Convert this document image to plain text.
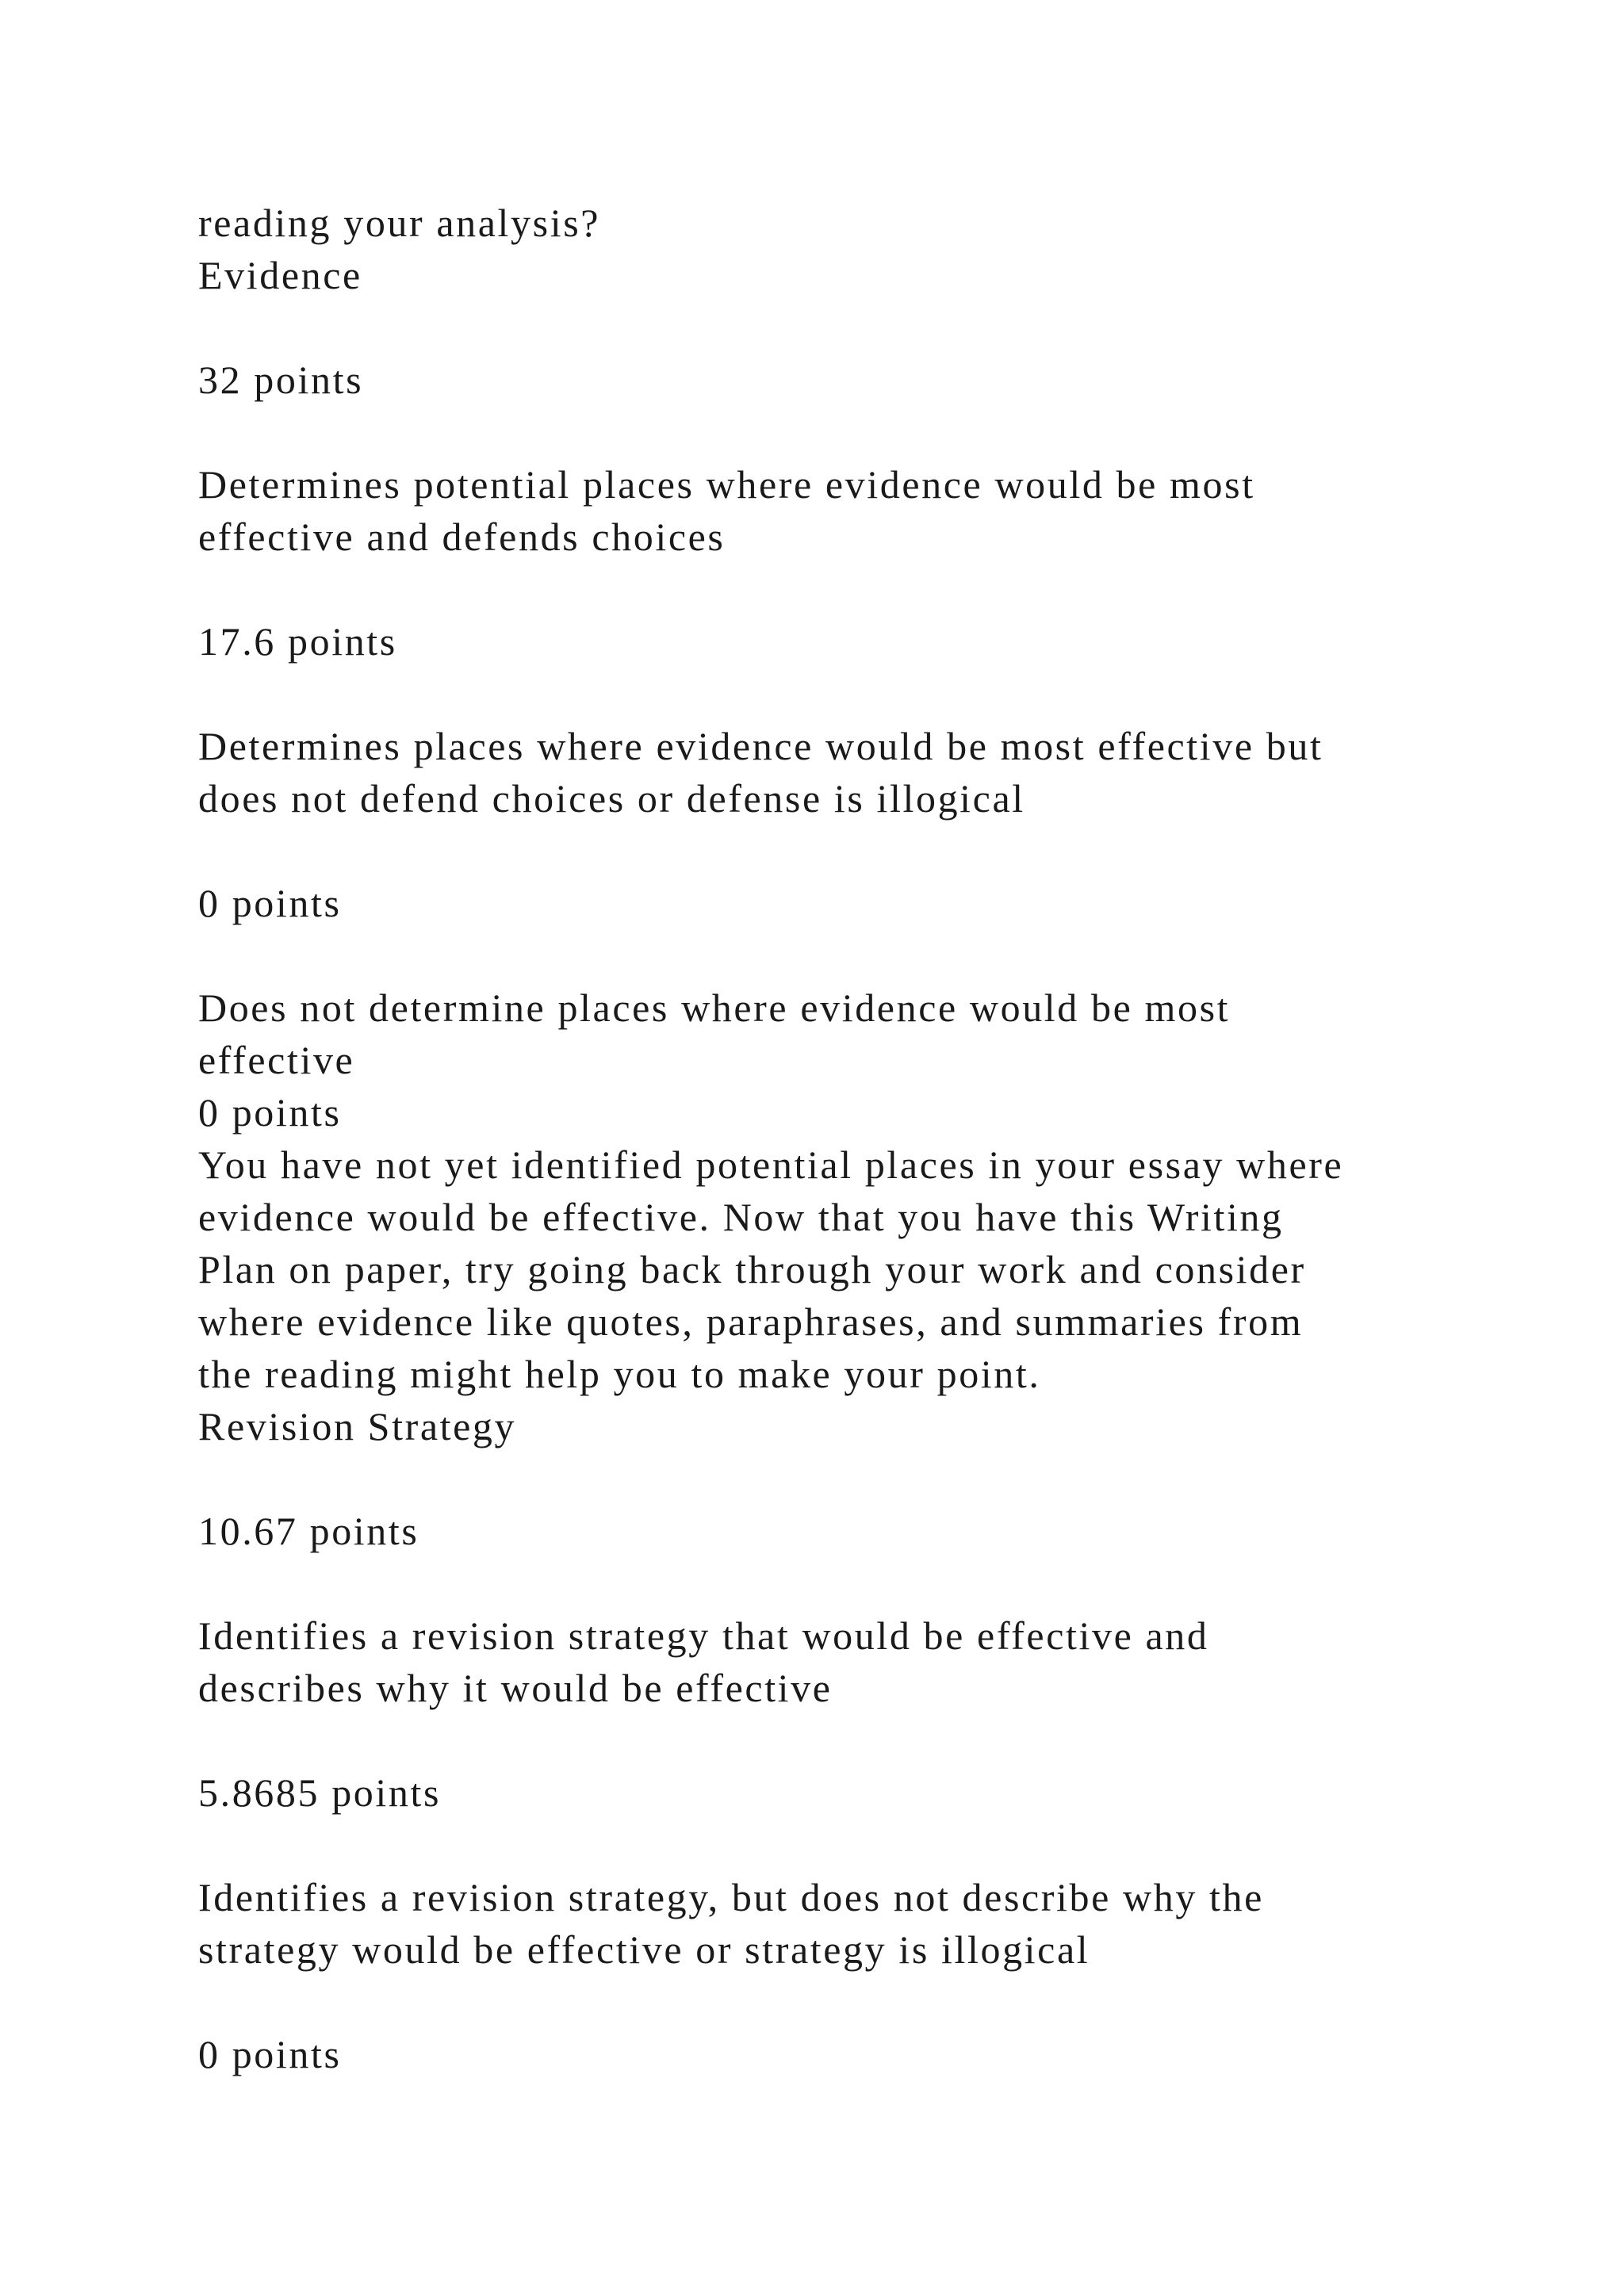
reading your analysis?
Evidence
32 points
Determines potential places where evidence would be most
effective and defends choices
17.6 points
Determines places where evidence would be most effective but
does not defend choices or defense is illogical
0 points
Does not determine places where evidence would be most
effective
0 points
You have not yet identified potential places in your essay where
evidence would be effective. Now that you have this Writing
Plan on paper, try going back through your work and consider
where evidence like quotes, paraphrases, and summaries from
the reading might help you to make your point.
Revision Strategy
10.67 points
Identifies a revision strategy that would be effective and
describes why it would be effective
5.8685 points
Identifies a revision strategy, but does not describe why the
strategy would be effective or strategy is illogical
0 points
